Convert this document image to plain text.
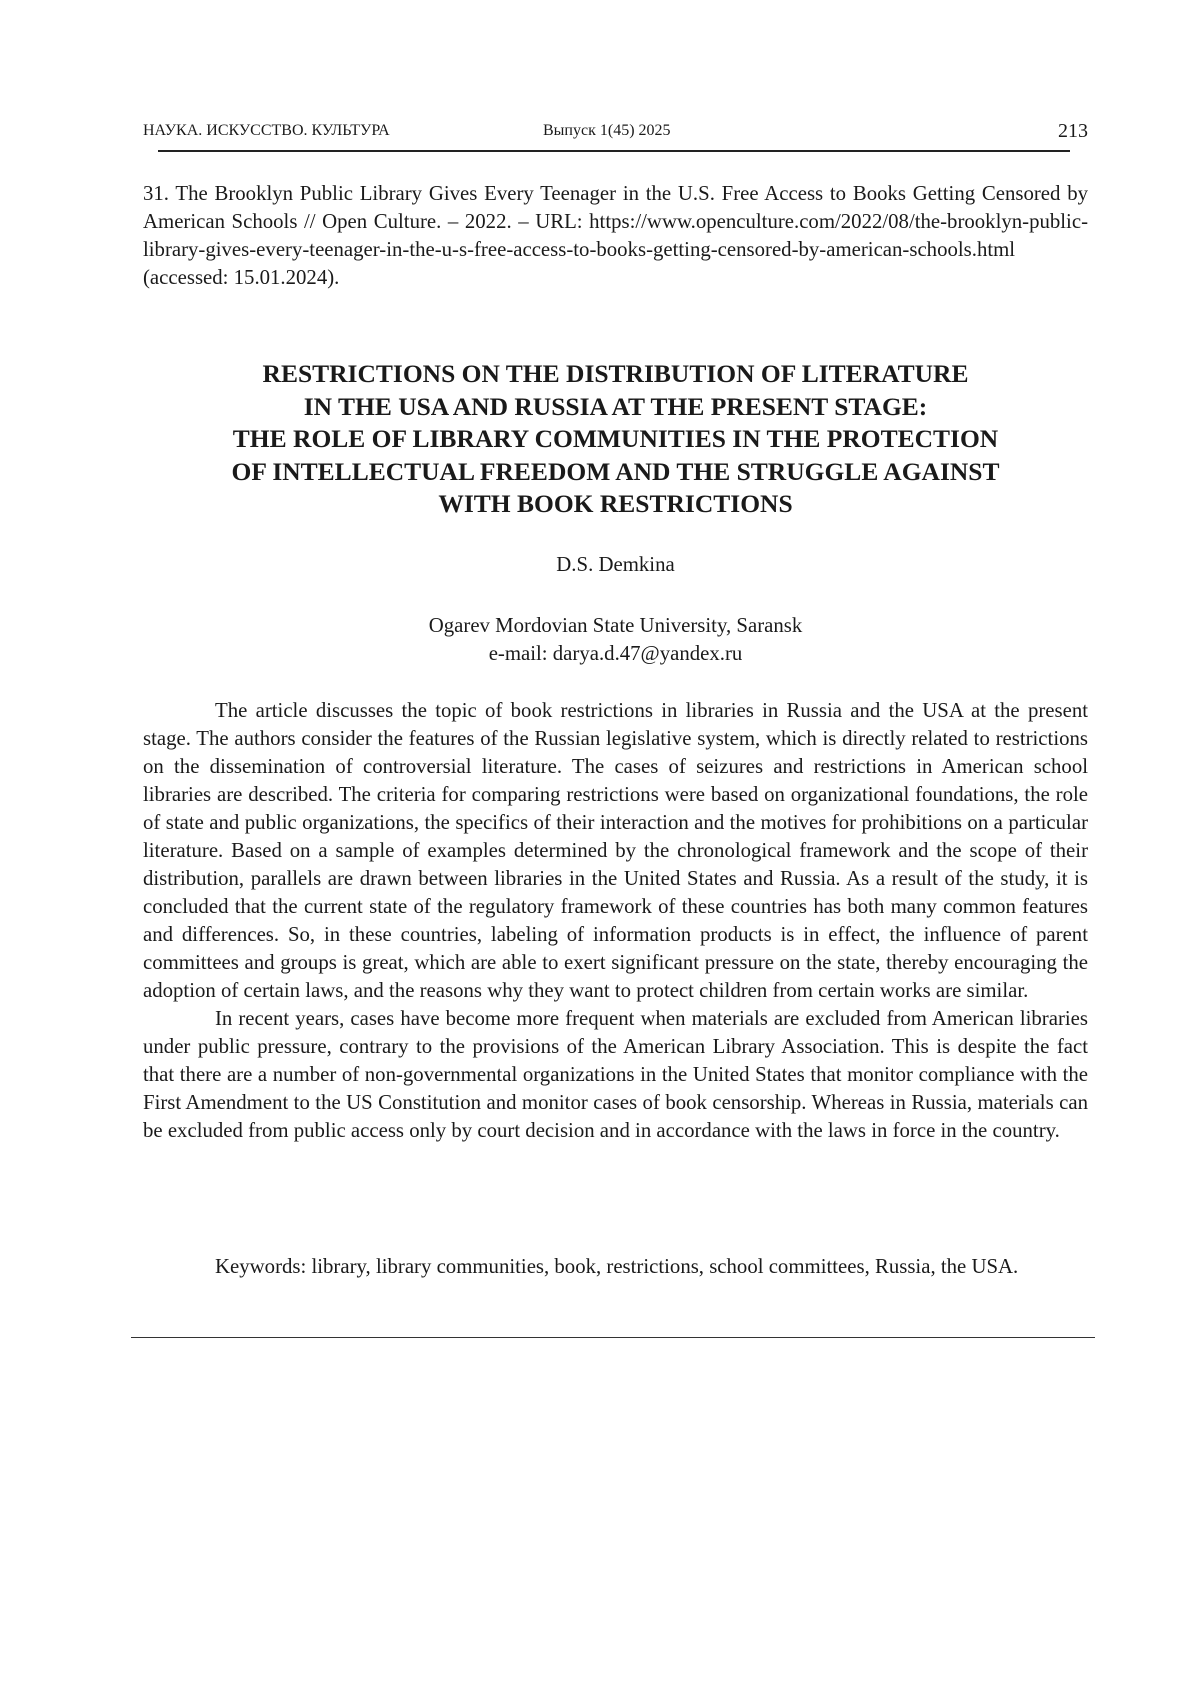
НАУКА. ИСКУССТВО. КУЛЬТУРА	Выпуск 1(45) 2025	213
31. The Brooklyn Public Library Gives Every Teenager in the U.S. Free Access to Books Getting Censored by American Schools // Open Culture. – 2022. – URL: https://www.openculture.com/2022/08/the-brooklyn-public-library-gives-every-teenager-in-the-u-s-free-access-to-books-getting-censored-by-american-schools.html (accessed: 15.01.2024).
RESTRICTIONS ON THE DISTRIBUTION OF LITERATURE
IN THE USA AND RUSSIA AT THE PRESENT STAGE:
THE ROLE OF LIBRARY COMMUNITIES IN THE PROTECTION
OF INTELLECTUAL FREEDOM AND THE STRUGGLE AGAINST
WITH BOOK RESTRICTIONS
D.S. Demkina
Ogarev Mordovian State University, Saransk
e-mail: darya.d.47@yandex.ru

The article discusses the topic of book restrictions in libraries in Russia and the USA at the present stage. The authors consider the features of the Russian legislative system, which is directly related to restrictions on the dissemination of controversial literature. The cases of seizures and restrictions in American school libraries are described. The criteria for comparing restrictions were based on organizational foundations, the role of state and public organizations, the specifics of their interaction and the motives for prohibitions on a particular literature. Based on a sample of examples determined by the chronological framework and the scope of their distribution, parallels are drawn between libraries in the United States and Russia. As a result of the study, it is concluded that the current state of the regulatory framework of these countries has both many common features and differences. So, in these countries, labeling of information products is in effect, the influence of parent committees and groups is great, which are able to exert significant pressure on the state, thereby encouraging the adoption of certain laws, and the reasons why they want to protect children from certain works are similar.

In recent years, cases have become more frequent when materials are excluded from American libraries under public pressure, contrary to the provisions of the American Library Association. This is despite the fact that there are a number of non-governmental organizations in the United States that monitor compliance with the First Amendment to the US Constitution and monitor cases of book censorship. Whereas in Russia, materials can be excluded from public access only by court decision and in accordance with the laws in force in the country.

Keywords: library, library communities, book, restrictions, school committees, Russia, the USA.
